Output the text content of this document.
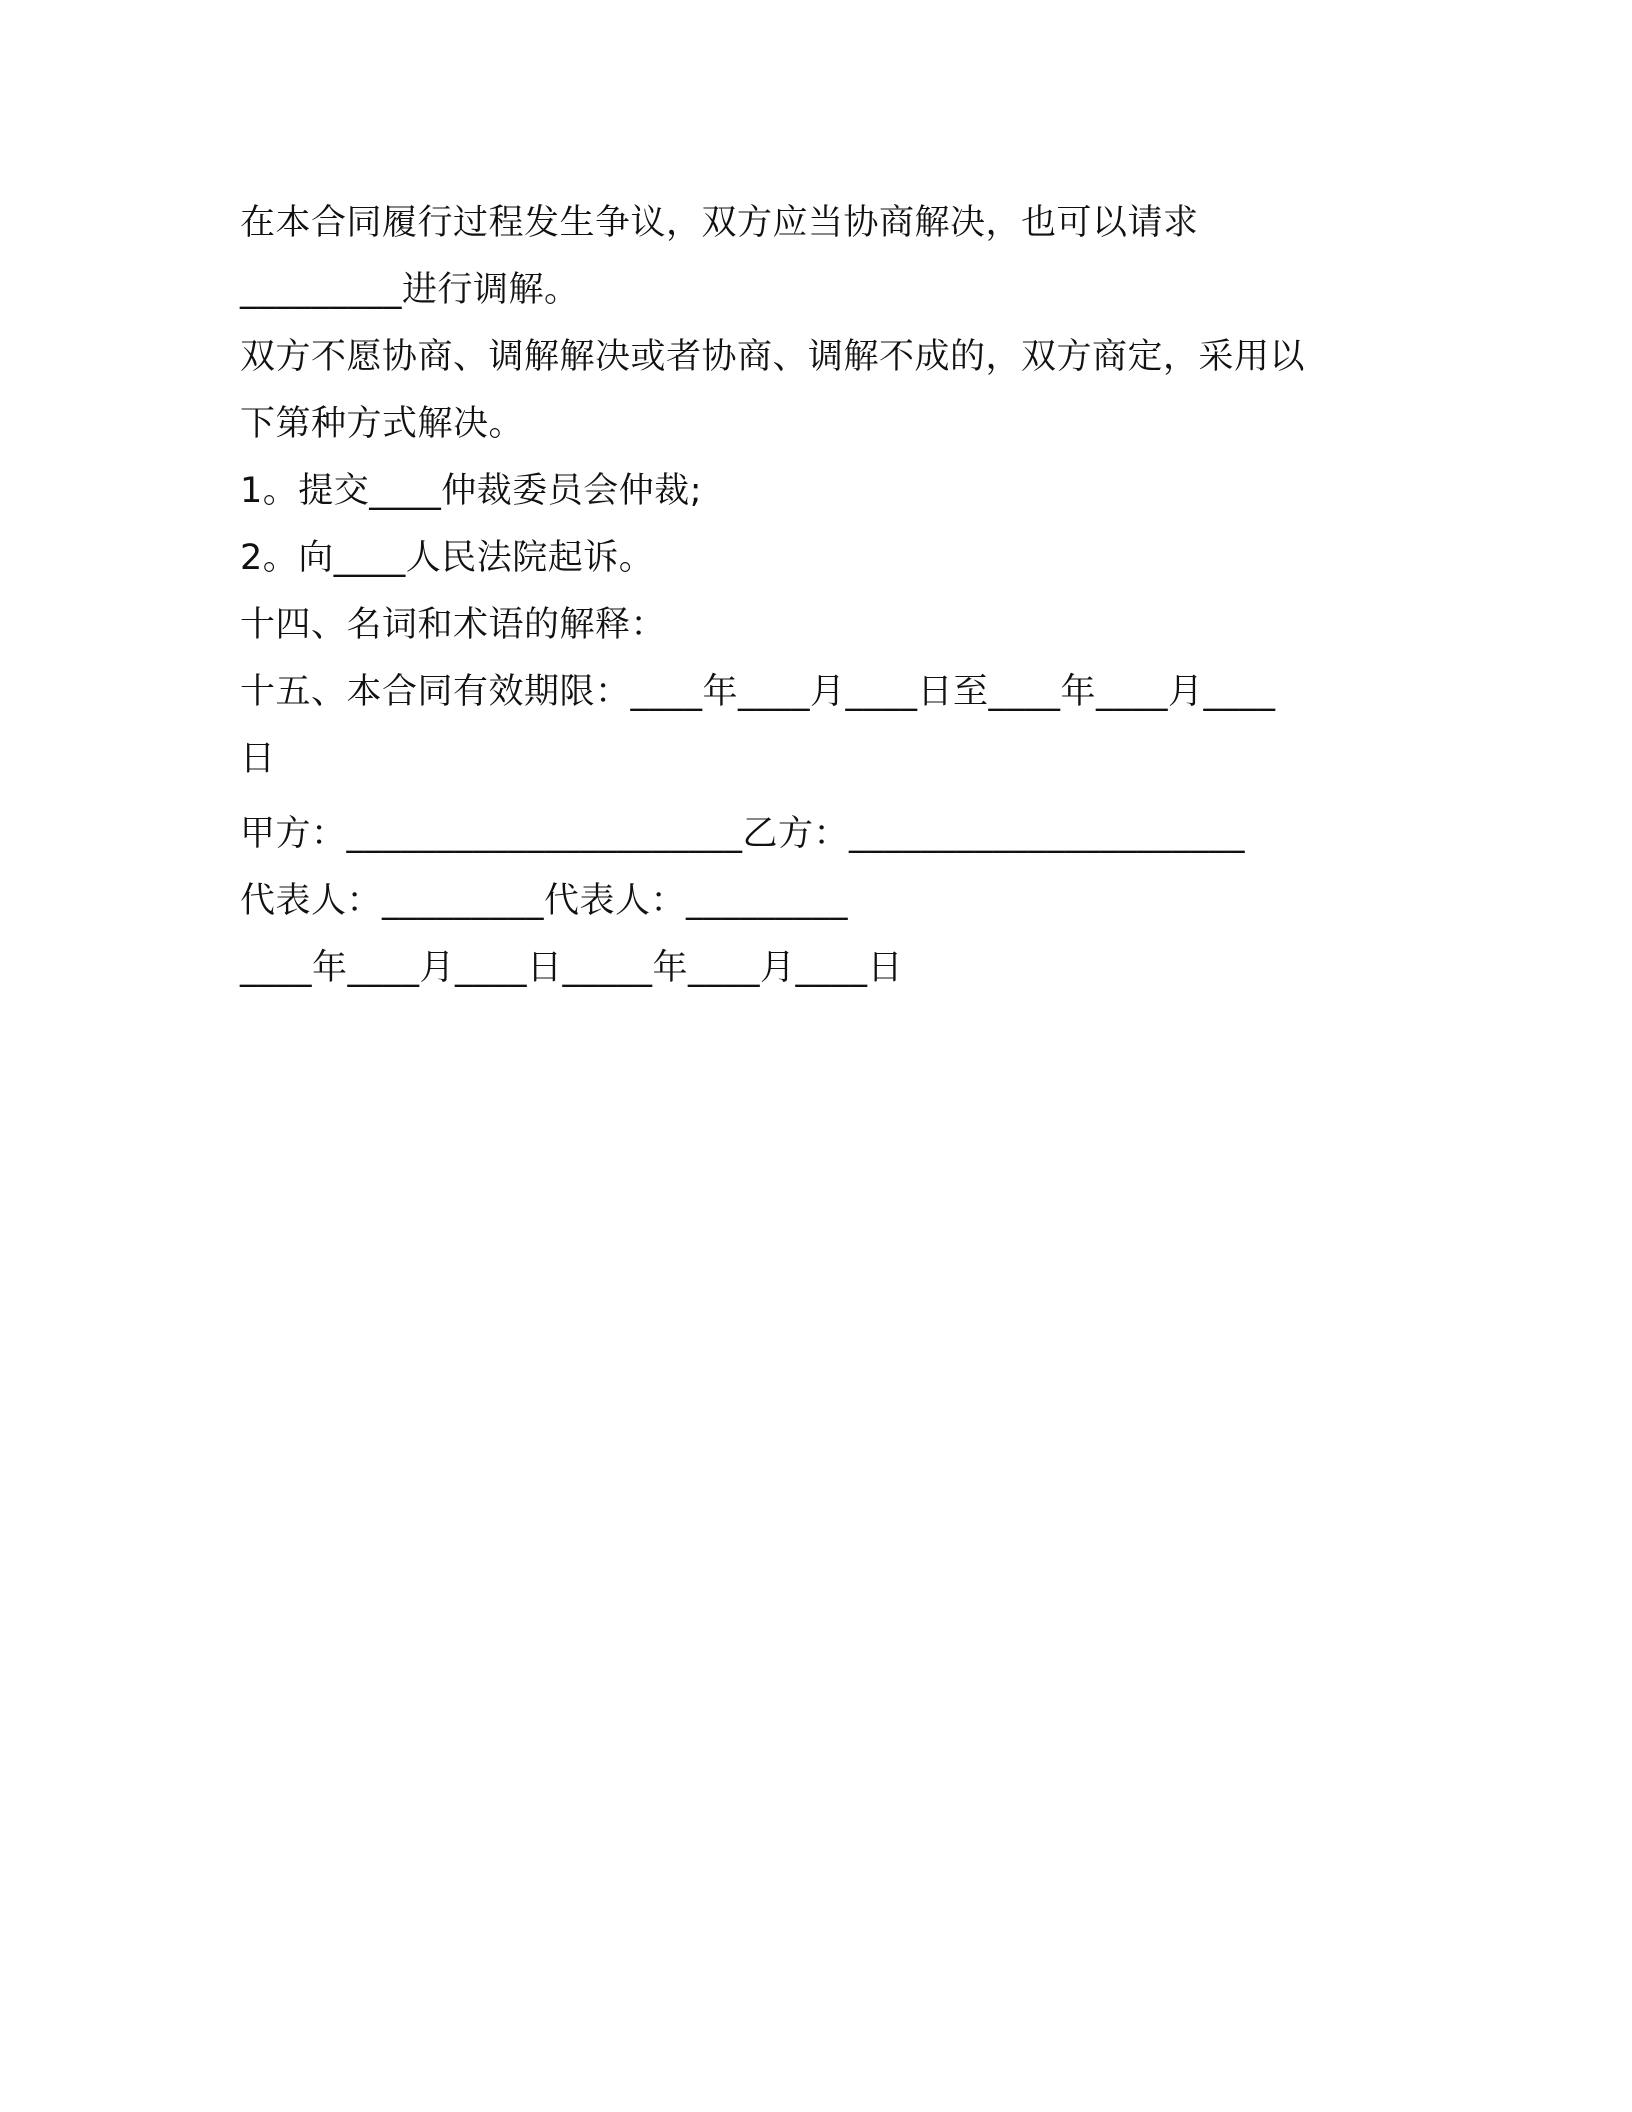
在本合同履行过程发生争议，双方应当协商解决，也可以请求
_________进行调解。
双方不愿协商、调解解决或者协商、调解不成的，双方商定，采用以
下第种方式解决。
1。提交____仲裁委员会仲裁;
2。向____人民法院起诉。
十四、名词和术语的解释：
十五、本合同有效期限：____年____月____日至____年____月____
日
甲方：______________________乙方：______________________
代表人：_________代表人：_________
____年____月____日_____年____月____日
